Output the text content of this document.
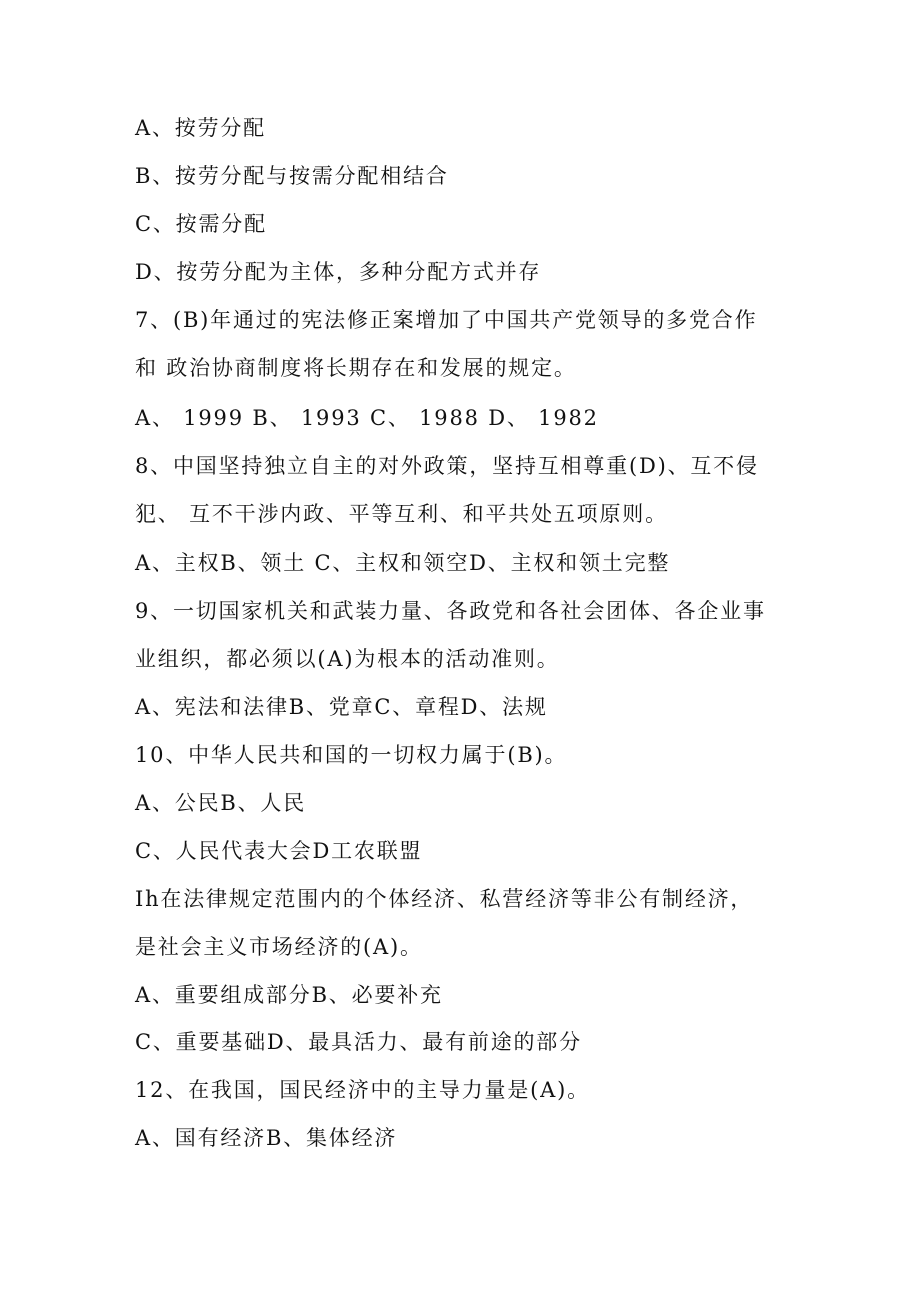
A、按劳分配
B、按劳分配与按需分配相结合
C、按需分配
D、按劳分配为主体，多种分配方式并存
7、(B)年通过的宪法修正案增加了中国共产党领导的多党合作
和 政治协商制度将长期存在和发展的规定。
A、 1999 B、 1993 C、 1988 D、 1982
8、中国坚持独立自主的对外政策，坚持互相尊重(D)、互不侵
犯、 互不干涉内政、平等互利、和平共处五项原则。
A、主权B、领土 C、主权和领空D、主权和领土完整
9、一切国家机关和武装力量、各政党和各社会团体、各企业事
业组织，都必须以(A)为根本的活动准则。
A、宪法和法律B、党章C、章程D、法规
10、中华人民共和国的一切权力属于(B)。
A、公民B、人民
C、人民代表大会D工农联盟
Ih在法律规定范围内的个体经济、私营经济等非公有制经济，
是社会主义市场经济的(A)。
A、重要组成部分B、必要补充
C、重要基础D、最具活力、最有前途的部分
12、在我国，国民经济中的主导力量是(A)。
A、国有经济B、集体经济
